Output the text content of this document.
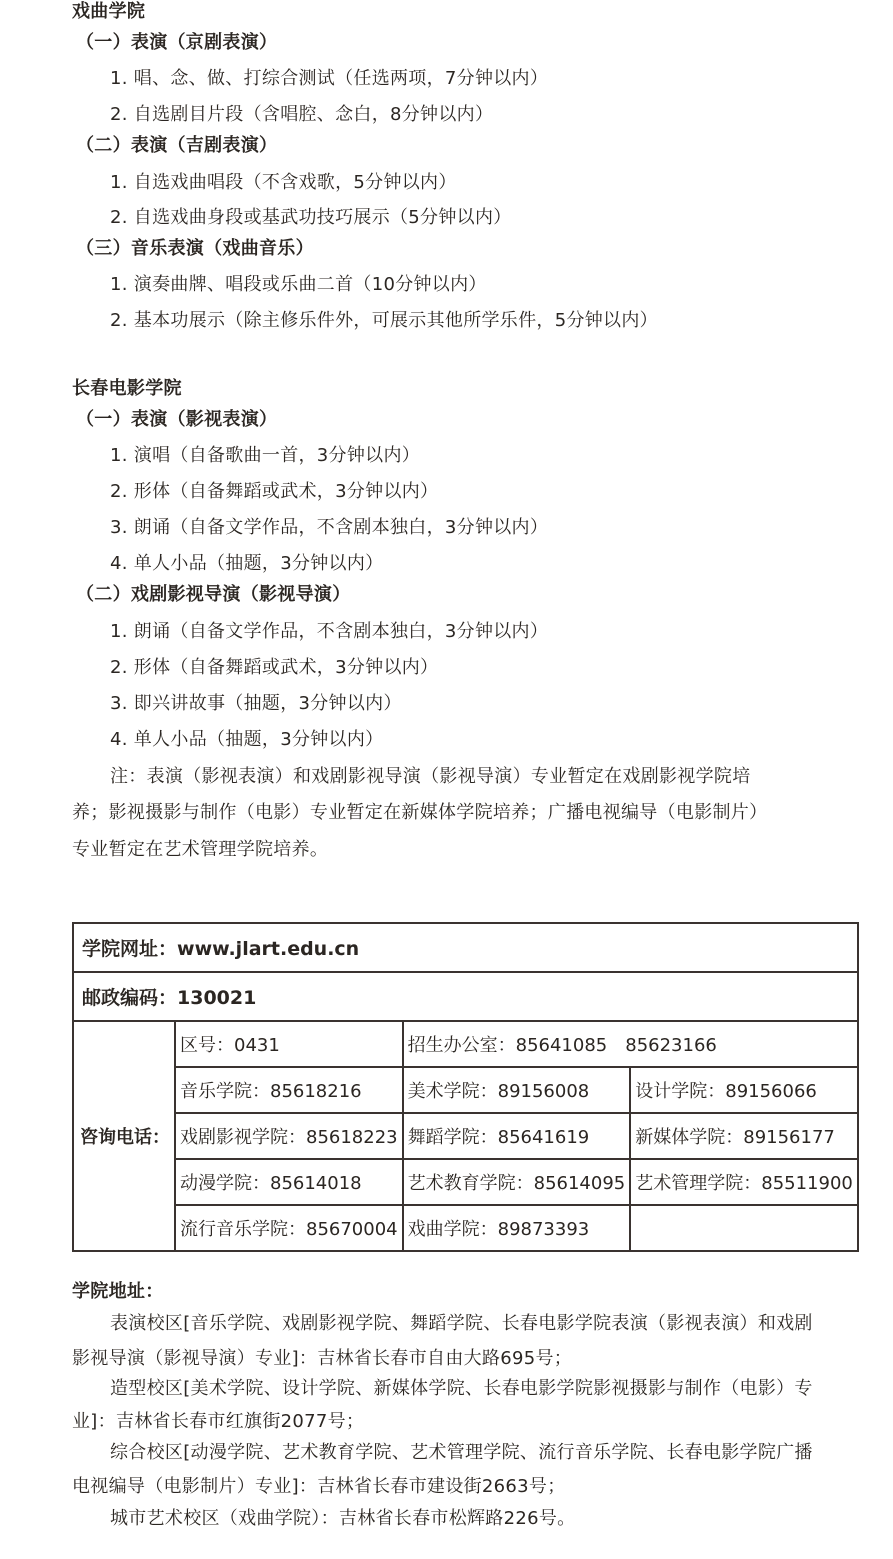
戏曲学院
（一）表演（京剧表演）
1. 唱、念、做、打综合测试（任选两项，7分钟以内）
2. 自选剧目片段（含唱腔、念白，8分钟以内）
（二）表演（吉剧表演）
1. 自选戏曲唱段（不含戏歌，5分钟以内）
2. 自选戏曲身段或基武功技巧展示（5分钟以内）
（三）音乐表演（戏曲音乐）
1. 演奏曲牌、唱段或乐曲二首（10分钟以内）
2. 基本功展示（除主修乐件外，可展示其他所学乐件，5分钟以内）
长春电影学院
（一）表演（影视表演）
1. 演唱（自备歌曲一首，3分钟以内）
2. 形体（自备舞蹈或武术，3分钟以内）
3. 朗诵（自备文学作品，不含剧本独白，3分钟以内）
4. 单人小品（抽题，3分钟以内）
（二）戏剧影视导演（影视导演）
1. 朗诵（自备文学作品，不含剧本独白，3分钟以内）
2. 形体（自备舞蹈或武术，3分钟以内）
3. 即兴讲故事（抽题，3分钟以内）
4. 单人小品（抽题，3分钟以内）
注：表演（影视表演）和戏剧影视导演（影视导演）专业暂定在戏剧影视学院培
养；影视摄影与制作（电影）专业暂定在新媒体学院培养；广播电视编导（电影制片）
专业暂定在艺术管理学院培养。
学院网址：www.jlart.edu.cn			
邮政编码：130021			
咨询电话：	区号：0431	招生办公室：85641085　85623166	
	音乐学院：85618216	美术学院：89156008	设计学院：89156066
	戏剧影视学院：85618223	舞蹈学院：85641619	新媒体学院：89156177
	动漫学院：85614018	艺术教育学院：85614095	艺术管理学院：85511900
	流行音乐学院：85670004	戏曲学院：89873393	
学院地址：
表演校区[音乐学院、戏剧影视学院、舞蹈学院、长春电影学院表演（影视表演）和戏剧
影视导演（影视导演）专业]：吉林省长春市自由大路695号；
造型校区[美术学院、设计学院、新媒体学院、长春电影学院影视摄影与制作（电影）专
业]：吉林省长春市红旗街2077号；
综合校区[动漫学院、艺术教育学院、艺术管理学院、流行音乐学院、长春电影学院广播
电视编导（电影制片）专业]：吉林省长春市建设街2663号；
城市艺术校区（戏曲学院）：吉林省长春市松辉路226号。
